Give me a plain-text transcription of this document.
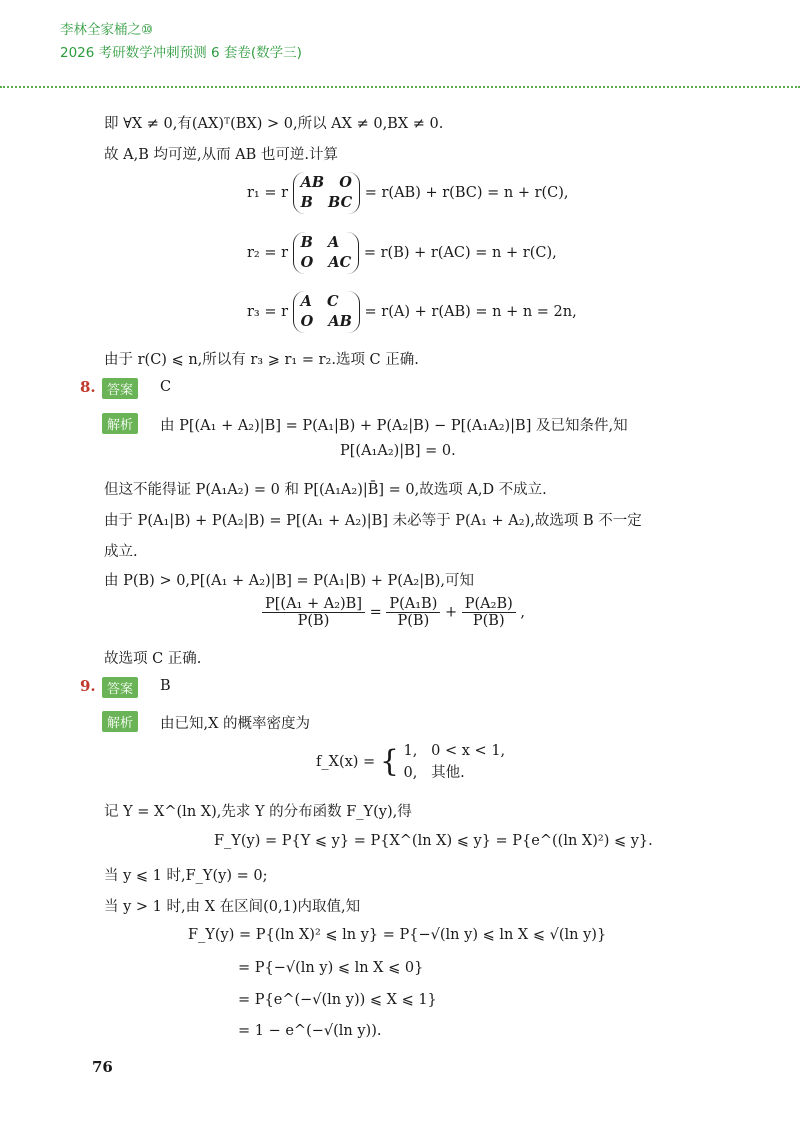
李林全家桶之⑩
2026 考研数学冲刺预测 6 套卷(数学三)
即 ∀X ≠ 0,有(AX)ᵀ(BX) > 0,所以 AX ≠ 0,BX ≠ 0.
故 A,B 均可逆,从而 AB 也可逆.计算
r₁ = r
AB   O
B   BC
= r(AB) + r(BC) = n + r(C),
r₂ = r
B   A
O   AC
= r(B) + r(AC) = n + r(C),
r₃ = r
A   C
O   AB
= r(A) + r(AB) = n + n = 2n,
由于 r(C) ⩽ n,所以有 r₃ ⩾ r₁ = r₂.选项 C 正确.
8. 答案	C
解析	由 P[(A₁ + A₂)|B] = P(A₁|B) + P(A₂|B) − P[(A₁A₂)|B] 及已知条件,知
P[(A₁A₂)|B] = 0.
但这不能得证 P(A₁A₂) = 0 和 P[(A₁A₂)|B̄] = 0,故选项 A,D 不成立.
由于 P(A₁|B) + P(A₂|B) = P[(A₁ + A₂)|B] 未必等于 P(A₁ + A₂),故选项 B 不一定
成立.
由 P(B) > 0,P[(A₁ + A₂)|B] = P(A₁|B) + P(A₂|B),可知
$\frac{\text{P[(A₁ + A₂)B]}}{P(B)} = \frac{\text{P(A₁B)}}{P(B)} + \frac{\text{P(A₂B)}}{P(B)}$ ,
故选项 C 正确.
9. 答案	B
解析	由已知,X 的概率密度为
f_X(x) = { 1,   0 < x < 1,
0,   其他.
记 Y = X^(ln X),先求 Y 的分布函数 F_Y(y),得
F_Y(y) = P{Y ⩽ y} = P{X^(ln X) ⩽ y} = P{e^((ln X)²) ⩽ y}.
当 y ⩽ 1 时,F_Y(y) = 0;
当 y > 1 时,由 X 在区间(0,1)内取值,知
F_Y(y) = P{(ln X)² ⩽ ln y} = P{−√(ln y) ⩽ ln X ⩽ √(ln y)}
= P{−√(ln y) ⩽ ln X ⩽ 0}
= P{e^(−√(ln y)) ⩽ X ⩽ 1}
= 1 − e^(−√(ln y)).
76
